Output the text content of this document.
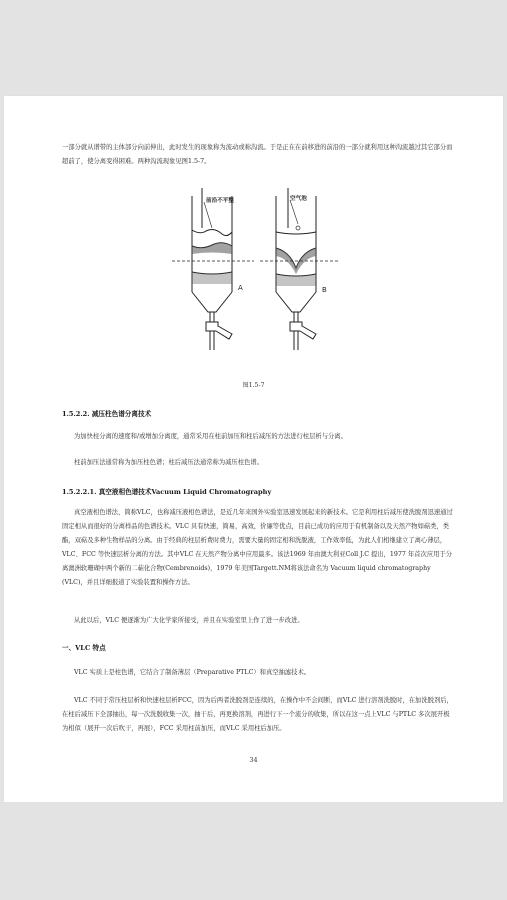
一部分就从谱带的主体部分向前伸出，此时发生的现象称为流动或称沟流。于是正在在前移进的前沿的一部分就利用这种沟流越过其它部分而超前了，使分离变得困难。两种沟流现象见图1.5-7。

前沿不平整	空气泡
A	B
图1.5-7

1.5.2.2. 减压柱色谱分离技术

为加快柱分离的速度和/或增加分离度，通常采用在柱前加压和柱后减压的方法进行柱层析与分离。

柱前加压法通常称为加压柱色谱；柱后减压法通常称为减压柱色谱。

1.5.2.2.1. 真空液相色谱技术Vacuum Liquid Chromatography

真空液相色谱法，简称VLC，也称减压液相色谱法，是近几年来国外实验室迅速发展起来的新技术。它是利用柱后减压使洗脱剂迅速通过固定相从而很好的分离样品的色谱技术。VLC 具有快速，简易，高效，价廉等优点，目前已成功的应用于有机制备以及天然产物如萜类，类酯，双萜及多种生物样品的分离。由于经典的柱层析费时费力，需要大量的固定相和洗脱液，工作效率低，为此人们相继建立了离心薄层，VLC、FCC 等快速层析分离的方法。其中VLC 在天然产物分离中应用最多。该法1969 年由澳大利亚Coll J.C 提出，1977 年首次应用于分离澳洲软珊瑚中两个新的二萜化合物(Cembrenoids)，1979 年美国Targett.NM将该法命名为 Vacuum liquid chromatography (VLC)，并且详细报道了实验装置和操作方法。

从此以后，VLC 便逐渐为广大化学家所接受，并且在实验室里上作了进一步改进。

一、VLC 特点

VLC 实质上是柱色谱，它结合了制备薄层（Preparative PTLC）和真空抽滤技术。

VLC 不同于常压柱层析和快速柱层析FCC，因为后两者洗脱剂是连续的，在操作中不会间断，而VLC 进行溶剂洗脱时，在加洗脱剂后，在柱后减压下全部抽出，每一次洗脱收集一次，抽干后，再更换溶剂，再进行下一个流分的收集，所以在这一点上VLC 与PTLC 多次展开极为相似（展开一次后吹干，再展），FCC 采用柱前加压，而VLC 采用柱后加压。

34
